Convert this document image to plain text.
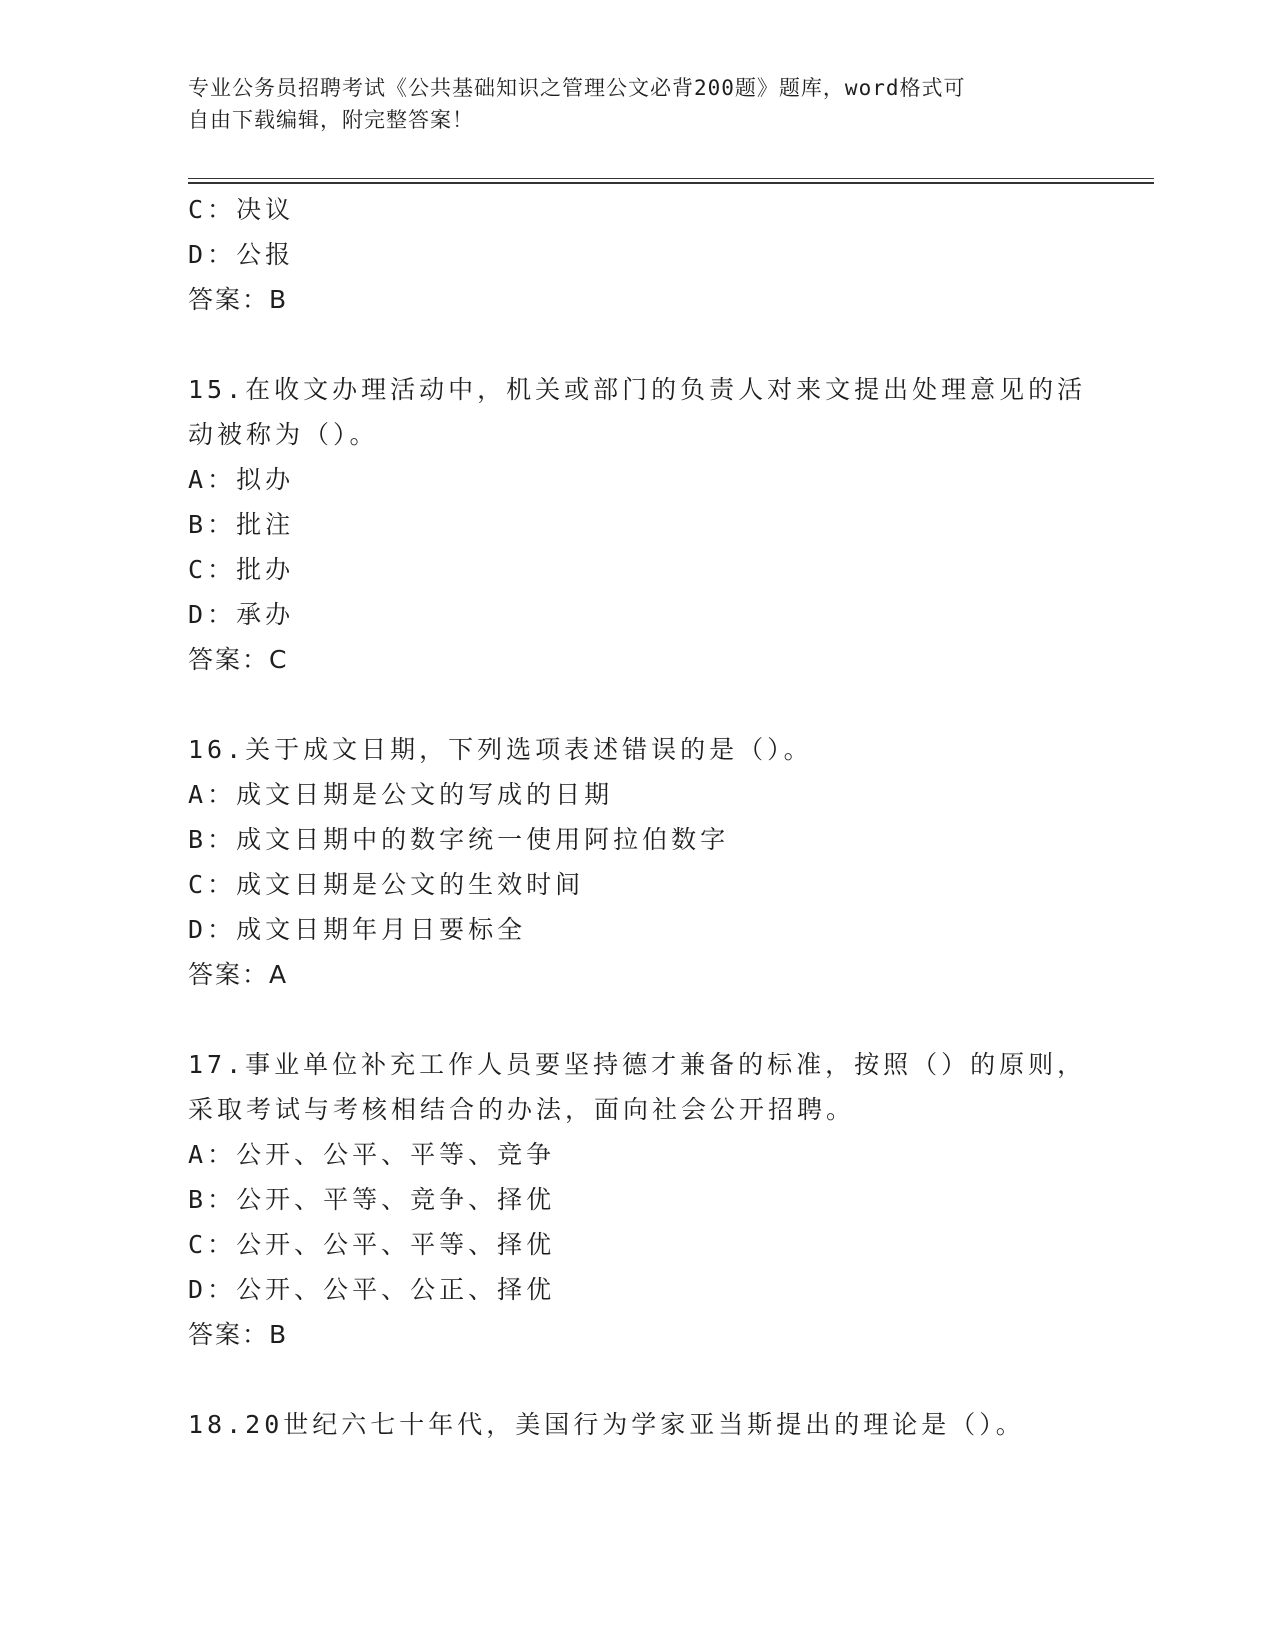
专业公务员招聘考试《公共基础知识之管理公文必背200题》题库，word格式可
自由下载编辑，附完整答案！
C：决议
D：公报
答案：B
15.在收文办理活动中，机关或部门的负责人对来文提出处理意见的活
动被称为（）。
A：拟办
B：批注
C：批办
D：承办
答案：C
16.关于成文日期，下列选项表述错误的是（）。
A：成文日期是公文的写成的日期
B：成文日期中的数字统一使用阿拉伯数字
C：成文日期是公文的生效时间
D：成文日期年月日要标全
答案：A
17.事业单位补充工作人员要坚持德才兼备的标准，按照（）的原则，
采取考试与考核相结合的办法，面向社会公开招聘。
A：公开、公平、平等、竞争
B：公开、平等、竞争、择优
C：公开、公平、平等、择优
D：公开、公平、公正、择优
答案：B
18.20世纪六七十年代，美国行为学家亚当斯提出的理论是（）。
